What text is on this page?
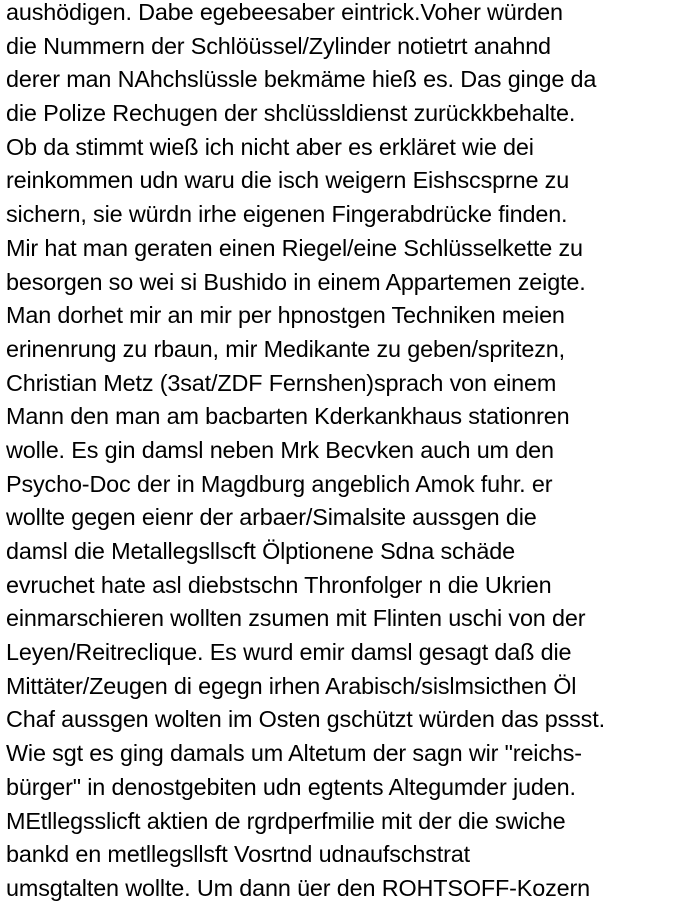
aushödigen. Dabe egebeesaber eintrick.Voher würden
die Nummern der Schlöüssel/Zylinder notietrt anahnd
derer man NAhchslüssle bekmäme hieß es. Das ginge da
die Polize Rechugen der shclüssldienst zurückkbehalte.
Ob da stimmt wieß ich nicht aber es erkläret wie dei
reinkommen udn waru die isch weigern Eishscsprne zu
sichern, sie würdn irhe eigenen Fingerabdrücke finden.
Mir hat man geraten einen Riegel/eine Schlüsselkette zu
besorgen so wei si Bushido in einem Appartemen zeigte.
Man dorhet mir an mir per hpnostgen Techniken meien
erinenrung zu rbaun, mir Medikante zu geben/spritezn,
Christian Metz (3sat/ZDF Fernshen)sprach von einem
Mann den man am bacbarten Kderkankhaus stationren
wolle. Es gin damsl neben Mrk Becvken auch um den
Psycho-Doc der in Magdburg angeblich Amok fuhr. er
wollte gegen eienr der arbaer/Simalsite aussgen die
damsl die Metallegsllscft Ölptionene Sdna schäde
evruchet hate asl diebstschn Thronfolger n die Ukrien
einmarschieren wollten zsumen mit Flinten uschi von der
Leyen/Reitreclique. Es wurd emir damsl gesagt daß die
Mittäter/Zeugen di egegn irhen Arabisch/sislmsicthen Öl
Chaf aussgen wolten im Osten gschützt würden das pssst.
Wie sgt es ging damals um Altetum der sagn wir "reichs-
bürger" in denostgebiten udn egtents Altegumder juden.
MEtllegsslicft aktien de rgrdperfmilie mit der die swiche
bankd en metllegsllsft Vosrtnd udnaufschstrat
umsgtalten wollte. Um dann üer den ROHTSOFF-Kozern
